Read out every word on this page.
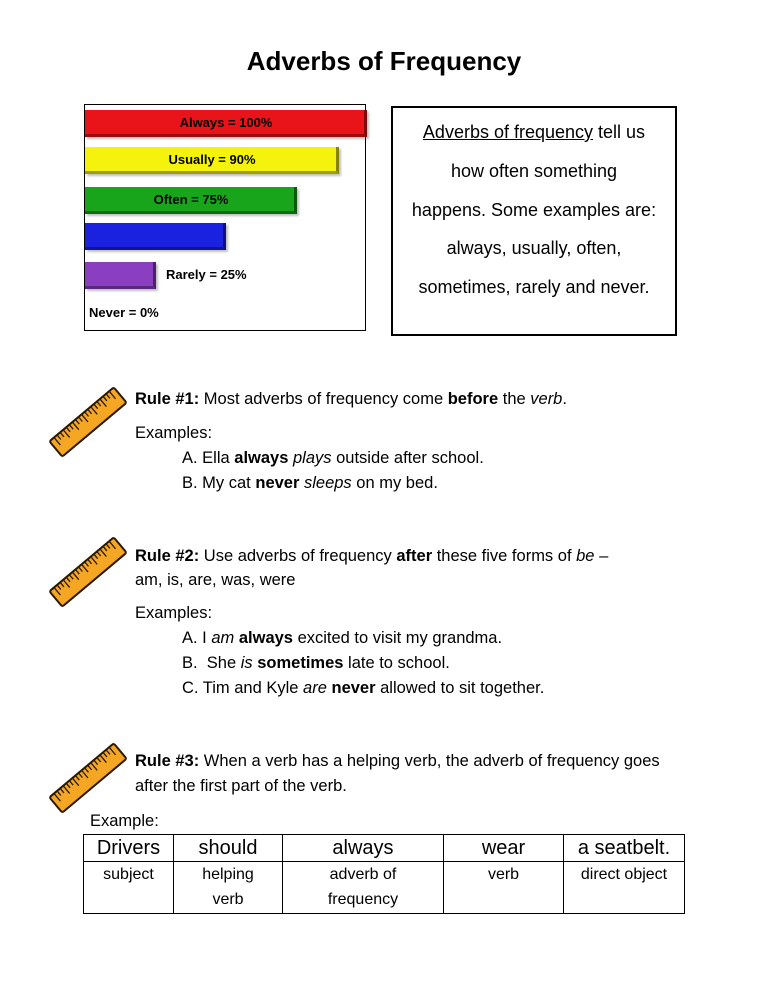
Adverbs of Frequency
Always = 100%
Usually = 90%
Often = 75%
Sometimes = 50%
Rarely = 25%
Never = 0%
Adverbs of frequency tell us
how often something
happens. Some examples are:
always, usually, often,
sometimes, rarely and never.
Rule #1: Most adverbs of frequency come before the verb.
Examples:
A. Ella always plays outside after school.
B. My cat never sleeps on my bed.
Rule #2: Use adverbs of frequency after these five forms of be –
am, is, are, was, were
Examples:
A. I am always excited to visit my grandma.
B.  She is sometimes late to school.
C. Tim and Kyle are never allowed to sit together.
Rule #3: When a verb has a helping verb, the adverb of frequency goes
after the first part of the verb.
Example:
Drivers	should	always	wear	a seatbelt.
subject	helping verb	adverb of frequency	verb	direct object
